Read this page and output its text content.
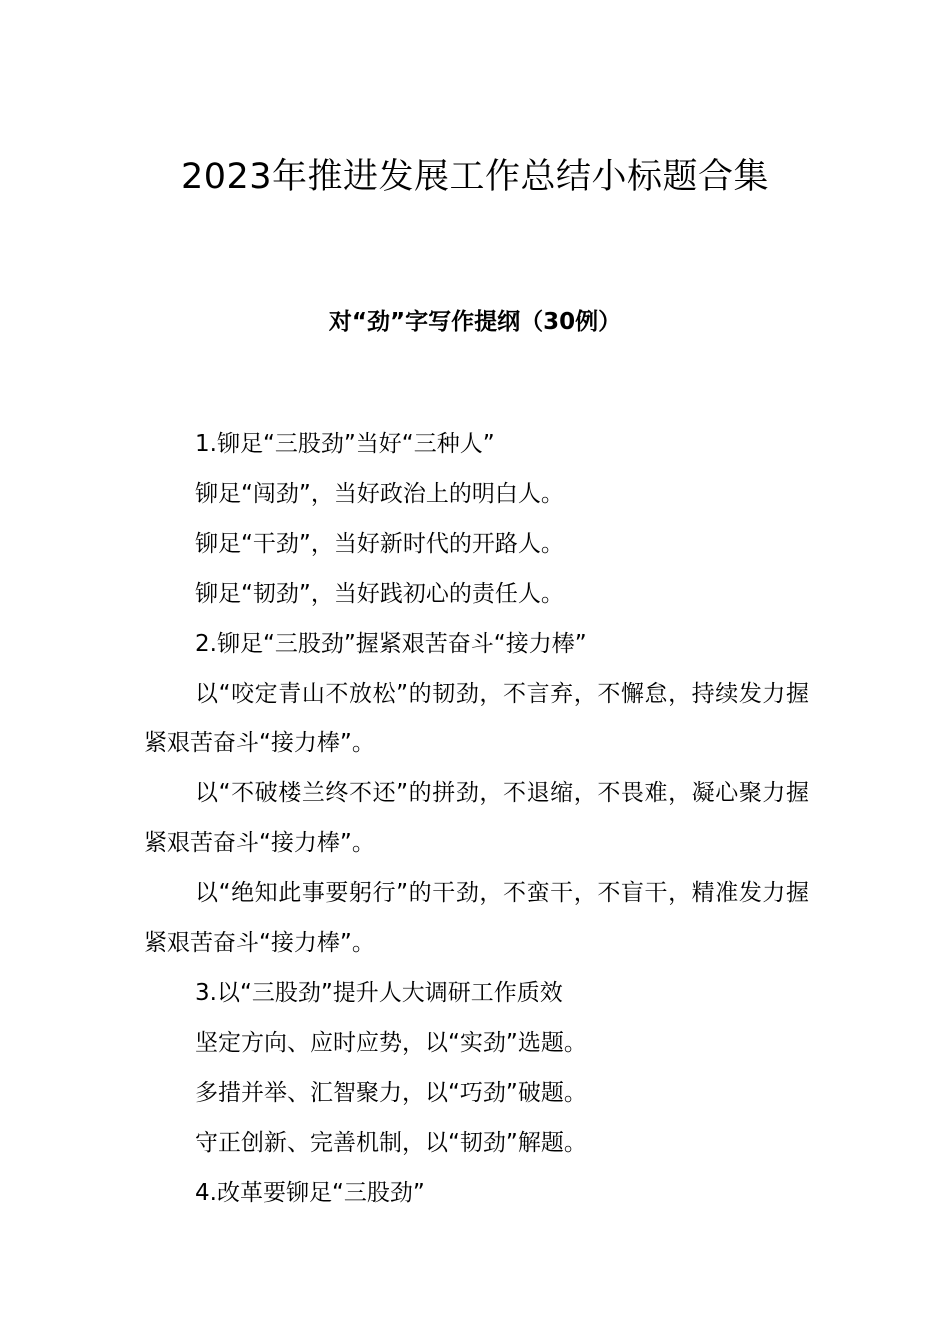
2023年推进发展工作总结小标题合集
对“劲”字写作提纲（30例）

1.铆足“三股劲”当好“三种人”

铆足“闯劲”，当好政治上的明白人。

铆足“干劲”，当好新时代的开路人。

铆足“韧劲”，当好践初心的责任人。

2.铆足“三股劲”握紧艰苦奋斗“接力棒”

以“咬定青山不放松”的韧劲，不言弃，不懈怠，持续发力握紧艰苦奋斗“接力棒”。

以“不破楼兰终不还”的拼劲，不退缩，不畏难，凝心聚力握紧艰苦奋斗“接力棒”。

以“绝知此事要躬行”的干劲，不蛮干，不盲干，精准发力握紧艰苦奋斗“接力棒”。

3.以“三股劲”提升人大调研工作质效

坚定方向、应时应势，以“实劲”选题。

多措并举、汇智聚力，以“巧劲”破题。

守正创新、完善机制，以“韧劲”解题。

4.改革要铆足“三股劲”
